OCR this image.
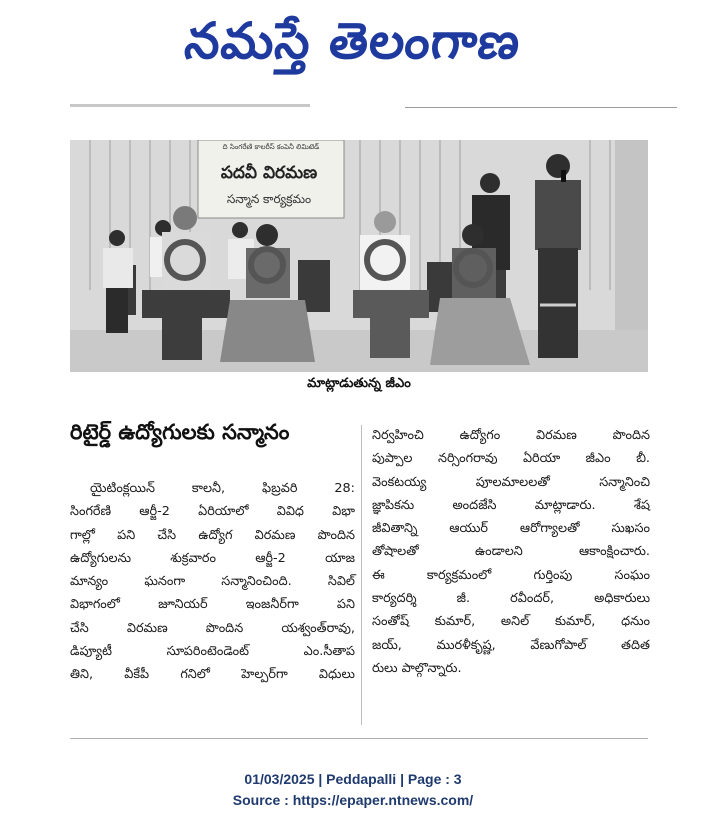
నమస్తే తెలంగాణ
ది సింగరేణి కాలరీస్ కంపెనీ లిమిటెడ్
పదవీ విరమణ
సన్మాన కార్యక్రమం
మాట్లాడుతున్న జీఎం
రిటైర్డ్ ఉద్యోగులకు సన్మానం
యైటింక్లయిన్ కాలనీ, ఫిబ్రవరి 28:
సింగరేణి ఆర్జీ-2 ఏరియాలో వివిధ విభా
గాల్లో పని చేసి ఉద్యోగ విరమణ పొందిన
ఉద్యోగులను శుక్రవారం ఆర్జీ-2 యాజ
మాన్యం ఘనంగా సన్మానించింది. సివిల్
విభాగంలో జూనియర్ ఇంజనీర్‌గా పని
చేసి విరమణ పొందిన యశ్వంత్‌రావు,
డిప్యూటీ సూపరింటెండెంట్ ఎం.సీతాప
తిని, వీకేపీ గనిలో హెల్పర్‌గా విధులు
నిర్వహించి ఉద్యోగం విరమణ పొందిన
పుప్పాల నర్సింగరావు ఏరియా జీఎం బీ.
వెంకటయ్య పూలమాలలతో సన్మానించి
జ్ఞాపికను అందజేసి మాట్లాడారు. శేష
జీవితాన్ని ఆయుర్ ఆరోగ్యాలతో సుఖసం
తోషాలతో ఉండాలని ఆకాంక్షించారు.
ఈ కార్యక్రమంలో గుర్తింపు సంఘం
కార్యదర్శి జీ. రవీందర్, అధికారులు
సంతోష్ కుమార్, అనిల్ కుమార్, ధనుం
జయ్, మురళీకృష్ణ, వేణుగోపాల్ తదిత
రులు పాల్గొన్నారు.
01/03/2025 | Peddapalli | Page : 3
Source : https://epaper.ntnews.com/
